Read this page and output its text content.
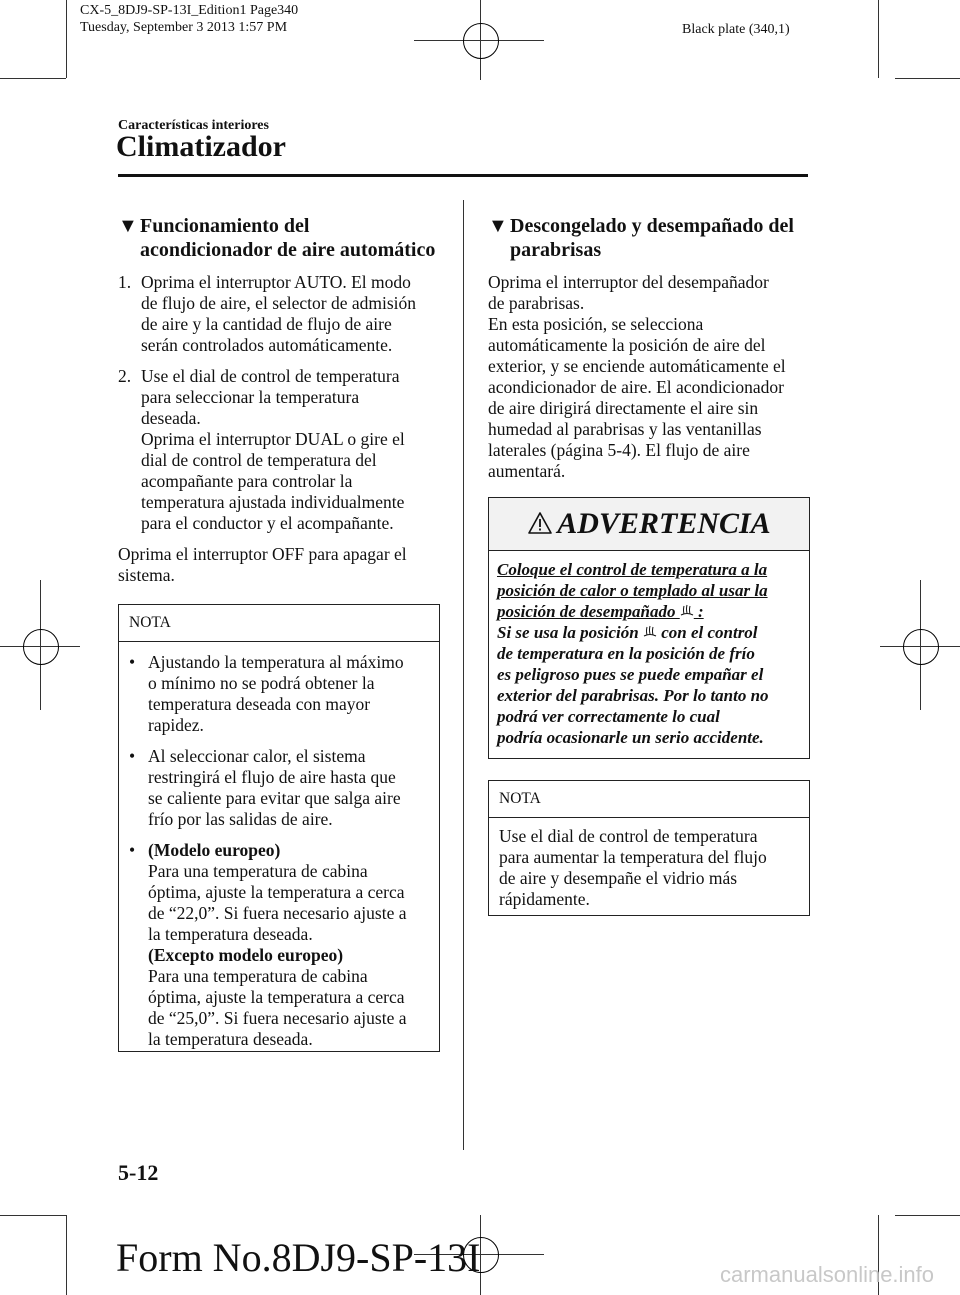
CX-5_8DJ9-SP-13I_Edition1 Page340
Tuesday, September 3 2013 1:57 PM	Black plate (340,1)
Características interiores
Climatizador
▼ Funcionamiento del
acondicionador de aire automático
1. Oprima el interruptor AUTO. El modo
de flujo de aire, el selector de admisión
de aire y la cantidad de flujo de aire
serán controlados automáticamente.
2. Use el dial de control de temperatura
para seleccionar la temperatura
deseada.
Oprima el interruptor DUAL o gire el
dial de control de temperatura del
acompañante para controlar la
temperatura ajustada individualmente
para el conductor y el acompañante.
Oprima el interruptor OFF para apagar el
sistema.
NOTA
• Ajustando la temperatura al máximo
o mínimo no se podrá obtener la
temperatura deseada con mayor
rapidez.
• Al seleccionar calor, el sistema
restringirá el flujo de aire hasta que
se caliente para evitar que salga aire
frío por las salidas de aire.
• (Modelo europeo)
Para una temperatura de cabina
óptima, ajuste la temperatura a cerca
de “22,0”. Si fuera necesario ajuste a
la temperatura deseada.
(Excepto modelo europeo)
Para una temperatura de cabina
óptima, ajuste la temperatura a cerca
de “25,0”. Si fuera necesario ajuste a
la temperatura deseada.
▼ Descongelado y desempañado del
parabrisas
Oprima el interruptor del desempañador
de parabrisas.
En esta posición, se selecciona
automáticamente la posición de aire del
exterior, y se enciende automáticamente el
acondicionador de aire. El acondicionador
de aire dirigirá directamente el aire sin
humedad al parabrisas y las ventanillas
laterales (página 5-4). El flujo de aire
aumentará.
ADVERTENCIA
Coloque el control de temperatura a la
posición de calor o templado al usar la
posición de desempañado :
Si se usa la posición con el control
de temperatura en la posición de frío
es peligroso pues se puede empañar el
exterior del parabrisas. Por lo tanto no
podrá ver correctamente lo cual
podría ocasionarle un serio accidente.
NOTA
Use el dial de control de temperatura
para aumentar la temperatura del flujo
de aire y desempañe el vidrio más
rápidamente.
5-12
Form No.8DJ9-SP-13I	carmanualsonline.info
